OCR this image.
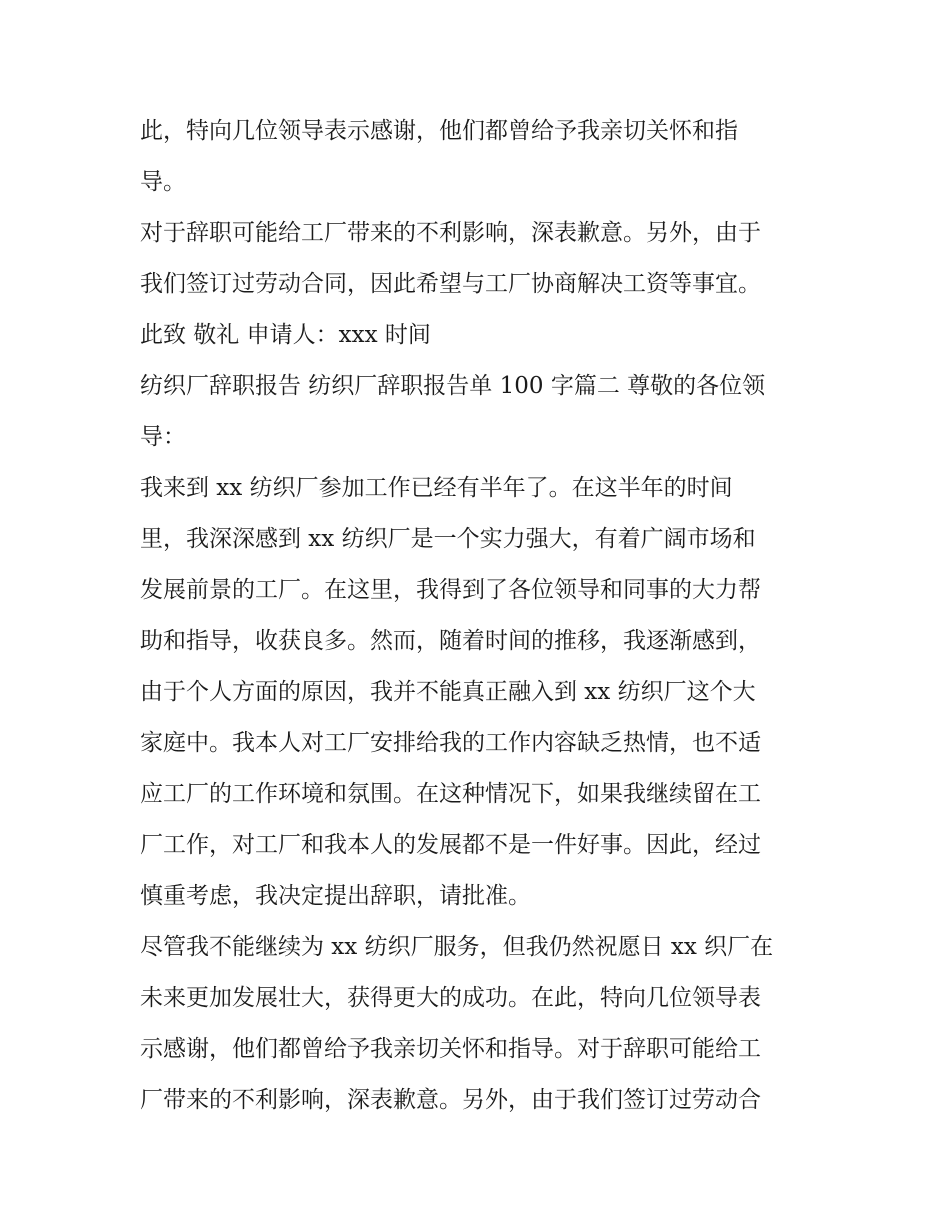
此，特向几位领导表示感谢，他们都曾给予我亲切关怀和指
导。
对于辞职可能给工厂带来的不利影响，深表歉意。另外，由于
我们签订过劳动合同，因此希望与工厂协商解决工资等事宜。
此致 敬礼 申请人：xxx 时间
纺织厂辞职报告 纺织厂辞职报告单 100 字篇二 尊敬的各位领
导：
我来到 xx 纺织厂参加工作已经有半年了。在这半年的时间
里，我深深感到 xx 纺织厂是一个实力强大，有着广阔市场和
发展前景的工厂。在这里，我得到了各位领导和同事的大力帮
助和指导，收获良多。然而，随着时间的推移，我逐渐感到，
由于个人方面的原因，我并不能真正融入到 xx 纺织厂这个大
家庭中。我本人对工厂安排给我的工作内容缺乏热情，也不适
应工厂的工作环境和氛围。在这种情况下，如果我继续留在工
厂工作，对工厂和我本人的发展都不是一件好事。因此，经过
慎重考虑，我决定提出辞职，请批准。
尽管我不能继续为 xx 纺织厂服务，但我仍然祝愿日 xx 织厂在
未来更加发展壮大，获得更大的成功。在此，特向几位领导表
示感谢，他们都曾给予我亲切关怀和指导。对于辞职可能给工
厂带来的不利影响，深表歉意。另外，由于我们签订过劳动合
